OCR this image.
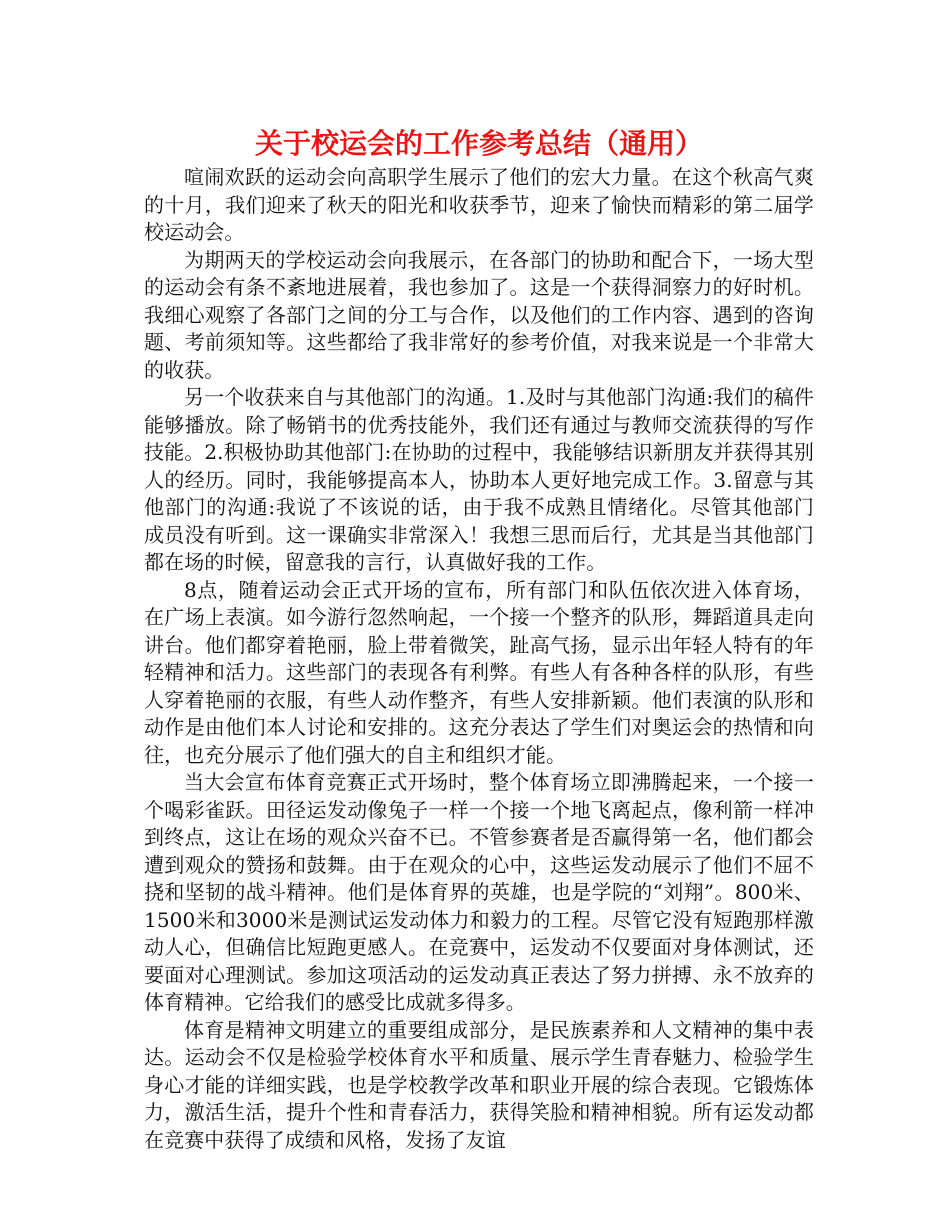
关于校运会的工作参考总结（通用）

喧闹欢跃的运动会向高职学生展示了他们的宏大力量。在这个秋高气爽的十月，我们迎来了秋天的阳光和收获季节，迎来了愉快而精彩的第二届学校运动会。

为期两天的学校运动会向我展示，在各部门的协助和配合下，一场大型的运动会有条不紊地进展着，我也参加了。这是一个获得洞察力的好时机。我细心观察了各部门之间的分工与合作，以及他们的工作内容、遇到的咨询题、考前须知等。这些都给了我非常好的参考价值，对我来说是一个非常大的收获。

另一个收获来自与其他部门的沟通。1.及时与其他部门沟通:我们的稿件能够播放。除了畅销书的优秀技能外，我们还有通过与教师交流获得的写作技能。2.积极协助其他部门:在协助的过程中，我能够结识新朋友并获得其别人的经历。同时，我能够提高本人，协助本人更好地完成工作。3.留意与其他部门的沟通:我说了不该说的话，由于我不成熟且情绪化。尽管其他部门成员没有听到。这一课确实非常深入！我想三思而后行，尤其是当其他部门都在场的时候，留意我的言行，认真做好我的工作。

8点，随着运动会正式开场的宣布，所有部门和队伍依次进入体育场，在广场上表演。如今游行忽然响起，一个接一个整齐的队形，舞蹈道具走向讲台。他们都穿着艳丽，脸上带着微笑，趾高气扬，显示出年轻人特有的年轻精神和活力。这些部门的表现各有利弊。有些人有各种各样的队形，有些人穿着艳丽的衣服，有些人动作整齐，有些人安排新颖。他们表演的队形和动作是由他们本人讨论和安排的。这充分表达了学生们对奥运会的热情和向往，也充分展示了他们强大的自主和组织才能。

当大会宣布体育竞赛正式开场时，整个体育场立即沸腾起来，一个接一个喝彩雀跃。田径运发动像兔子一样一个接一个地飞离起点，像利箭一样冲到终点，这让在场的观众兴奋不已。不管参赛者是否赢得第一名，他们都会遭到观众的赞扬和鼓舞。由于在观众的心中，这些运发动展示了他们不屈不挠和坚韧的战斗精神。他们是体育界的英雄，也是学院的“刘翔”。800米、1500米和3000米是测试运发动体力和毅力的工程。尽管它没有短跑那样激动人心，但确信比短跑更感人。在竞赛中，运发动不仅要面对身体测试，还要面对心理测试。参加这项活动的运发动真正表达了努力拼搏、永不放弃的体育精神。它给我们的感受比成就多得多。

体育是精神文明建立的重要组成部分，是民族素养和人文精神的集中表达。运动会不仅是检验学校体育水平和质量、展示学生青春魅力、检验学生身心才能的详细实践，也是学校教学改革和职业开展的综合表现。它锻炼体力，激活生活，提升个性和青春活力，获得笑脸和精神相貌。所有运发动都在竞赛中获得了成绩和风格，发扬了友谊
